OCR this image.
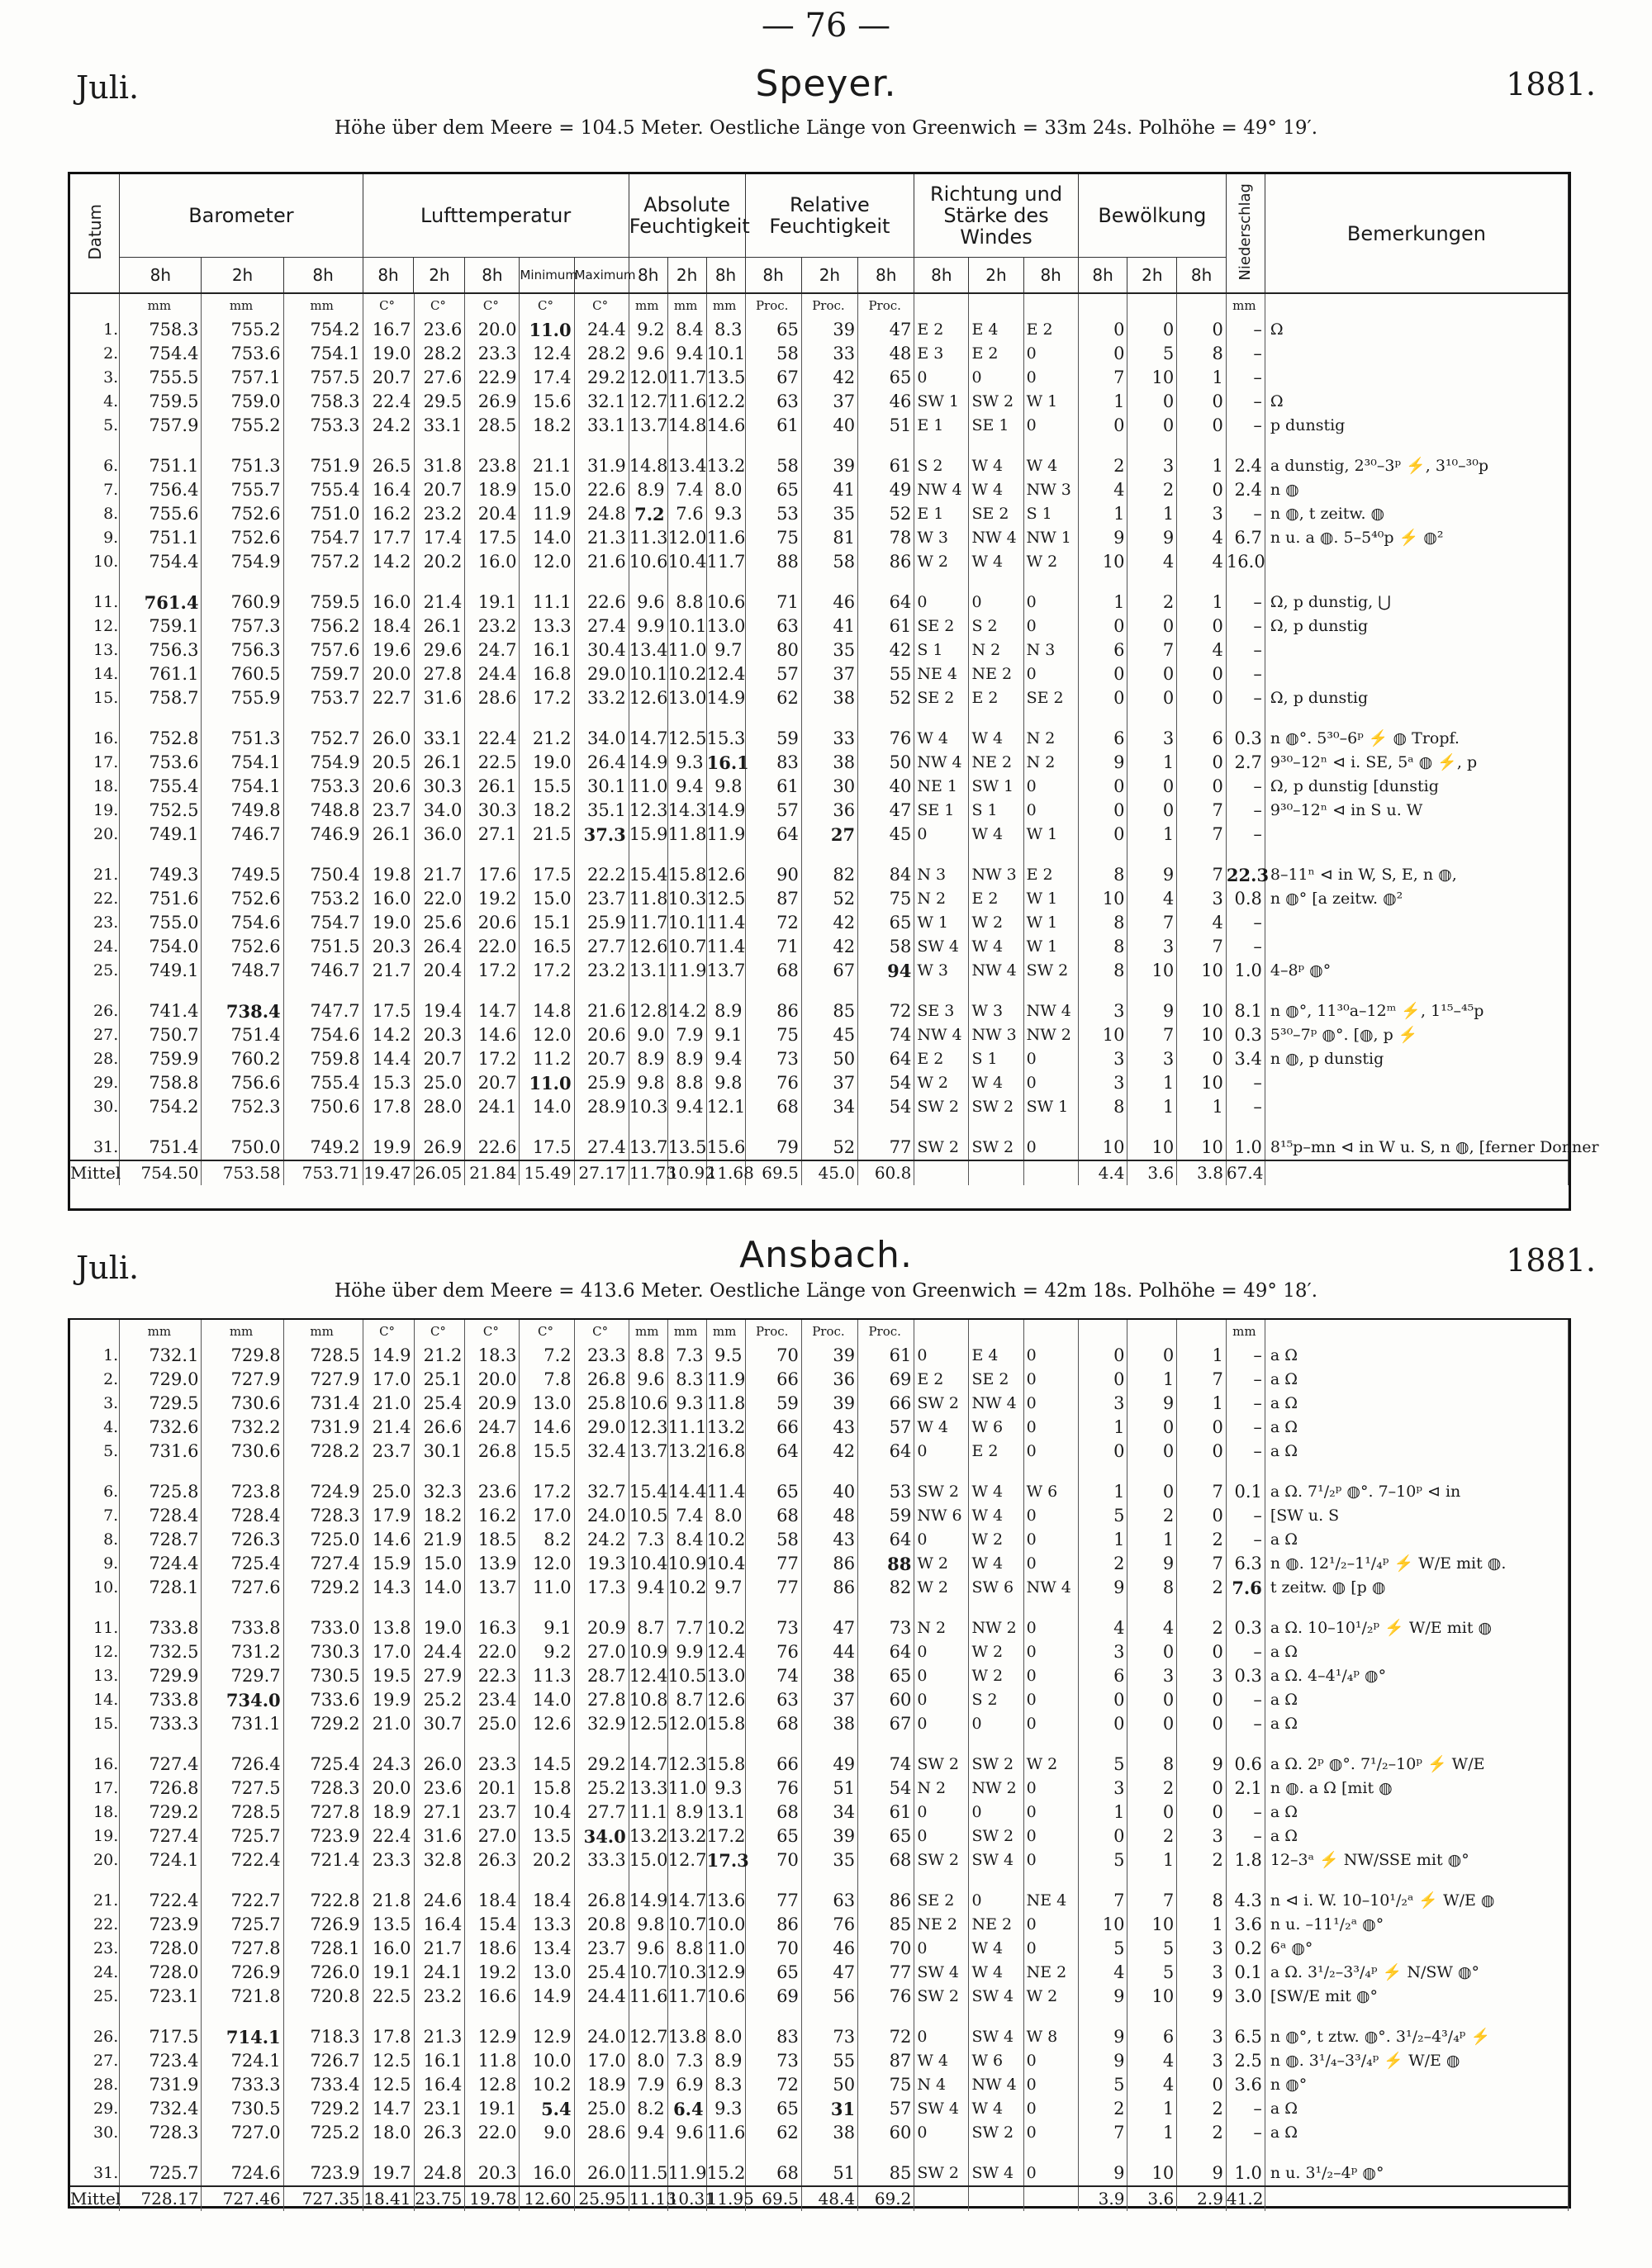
— 76 —
Juli.	Speyer.	1881.
Höhe über dem Meere = 104.5 Meter. Oestliche Länge von Greenwich = 33m 24s. Polhöhe = 49° 19′.
Datum	Barometer			Lufttemperatur					Absolute Feuchtigkeit			Relative Feuchtigkeit			Richtung und Stärke des Windes			Bewölkung			Niederschlag	Bemerkungen
	8h	2h	8h	8h	2h	8h	Minimum	Maximum	8h	2h	8h	8h	2h	8h	8h	2h	8h	8h	2h	8h		
	mm	mm	mm	C°	C°	C°	C°	C°	mm	mm	mm	Proc.	Proc.	Proc.							mm	
1.	758.3	755.2	754.2	16.7	23.6	20.0	11.0	24.4	9.2	8.4	8.3	65	39	47	E 2	E 4	E 2	0	0	0	–	Ω
2.	754.4	753.6	754.1	19.0	28.2	23.3	12.4	28.2	9.6	9.4	10.1	58	33	48	E 3	E 2	0	0	5	8	–	
3.	755.5	757.1	757.5	20.7	27.6	22.9	17.4	29.2	12.0	11.7	13.5	67	42	65	0	0	0	7	10	1	–	
4.	759.5	759.0	758.3	22.4	29.5	26.9	15.6	32.1	12.7	11.6	12.2	63	37	46	SW 1	SW 2	W 1	1	0	0	–	Ω
5.	757.9	755.2	753.3	24.2	33.1	28.5	18.2	33.1	13.7	14.8	14.6	61	40	51	E 1	SE 1	0	0	0	0	–	p dunstig

6.	751.1	751.3	751.9	26.5	31.8	23.8	21.1	31.9	14.8	13.4	13.2	58	39	61	S 2	W 4	W 4	2	3	1	2.4	a dunstig, 2³⁰–3ᵖ ⚡, 3¹⁰–³⁰p
7.	756.4	755.7	755.4	16.4	20.7	18.9	15.0	22.6	8.9	7.4	8.0	65	41	49	NW 4	W 4	NW 3	4	2	0	2.4	n ◍
8.	755.6	752.6	751.0	16.2	23.2	20.4	11.9	24.8	7.2	7.6	9.3	53	35	52	E 1	SE 2	S 1	1	1	3	–	n ◍, t zeitw. ◍
9.	751.1	752.6	754.7	17.7	17.4	17.5	14.0	21.3	11.3	12.0	11.6	75	81	78	W 3	NW 4	NW 1	9	9	4	6.7	n u. a ◍. 5–5⁴⁰p ⚡ ◍²
10.	754.4	754.9	757.2	14.2	20.2	16.0	12.0	21.6	10.6	10.4	11.7	88	58	86	W 2	W 4	W 2	10	4	4	16.0	

11.	761.4	760.9	759.5	16.0	21.4	19.1	11.1	22.6	9.6	8.8	10.6	71	46	64	0	0	0	1	2	1	–	Ω, p dunstig, ⋃
12.	759.1	757.3	756.2	18.4	26.1	23.2	13.3	27.4	9.9	10.1	13.0	63	41	61	SE 2	S 2	0	0	0	0	–	Ω, p dunstig
13.	756.3	756.3	757.6	19.6	29.6	24.7	16.1	30.4	13.4	11.0	9.7	80	35	42	S 1	N 2	N 3	6	7	4	–	
14.	761.1	760.5	759.7	20.0	27.8	24.4	16.8	29.0	10.1	10.2	12.4	57	37	55	NE 4	NE 2	0	0	0	0	–	
15.	758.7	755.9	753.7	22.7	31.6	28.6	17.2	33.2	12.6	13.0	14.9	62	38	52	SE 2	E 2	SE 2	0	0	0	–	Ω, p dunstig

16.	752.8	751.3	752.7	26.0	33.1	22.4	21.2	34.0	14.7	12.5	15.3	59	33	76	W 4	W 4	N 2	6	3	6	0.3	n ◍°. 5³⁰–6ᵖ ⚡ ◍ Tropf.
17.	753.6	754.1	754.9	20.5	26.1	22.5	19.0	26.4	14.9	9.3	16.1	83	38	50	NW 4	NE 2	N 2	9	1	0	2.7	9³⁰–12ⁿ ⊲ i. SE, 5ᵃ ◍ ⚡, p
18.	755.4	754.1	753.3	20.6	30.3	26.1	15.5	30.1	11.0	9.4	9.8	61	30	40	NE 1	SW 1	0	0	0	0	–	Ω, p dunstig [dunstig
19.	752.5	749.8	748.8	23.7	34.0	30.3	18.2	35.1	12.3	14.3	14.9	57	36	47	SE 1	S 1	0	0	0	7	–	9³⁰–12ⁿ ⊲ in S u. W
20.	749.1	746.7	746.9	26.1	36.0	27.1	21.5	37.3	15.9	11.8	11.9	64	27	45	0	W 4	W 1	0	1	7	–	

21.	749.3	749.5	750.4	19.8	21.7	17.6	17.5	22.2	15.4	15.8	12.6	90	82	84	N 3	NW 3	E 2	8	9	7	22.3	8–11ⁿ ⊲ in W, S, E, n ◍,
22.	751.6	752.6	753.2	16.0	22.0	19.2	15.0	23.7	11.8	10.3	12.5	87	52	75	N 2	E 2	W 1	10	4	3	0.8	n ◍° [a zeitw. ◍²
23.	755.0	754.6	754.7	19.0	25.6	20.6	15.1	25.9	11.7	10.1	11.4	72	42	65	W 1	W 2	W 1	8	7	4	–	
24.	754.0	752.6	751.5	20.3	26.4	22.0	16.5	27.7	12.6	10.7	11.4	71	42	58	SW 4	W 4	W 1	8	3	7	–	
25.	749.1	748.7	746.7	21.7	20.4	17.2	17.2	23.2	13.1	11.9	13.7	68	67	94	W 3	NW 4	SW 2	8	10	10	1.0	4–8ᵖ ◍°

26.	741.4	738.4	747.7	17.5	19.4	14.7	14.8	21.6	12.8	14.2	8.9	86	85	72	SE 3	W 3	NW 4	3	9	10	8.1	n ◍°, 11³⁰a–12ᵐ ⚡, 1¹⁵–⁴⁵p
27.	750.7	751.4	754.6	14.2	20.3	14.6	12.0	20.6	9.0	7.9	9.1	75	45	74	NW 4	NW 3	NW 2	10	7	10	0.3	5³⁰–7ᵖ ◍°. [◍, p ⚡
28.	759.9	760.2	759.8	14.4	20.7	17.2	11.2	20.7	8.9	8.9	9.4	73	50	64	E 2	S 1	0	3	3	0	3.4	n ◍, p dunstig
29.	758.8	756.6	755.4	15.3	25.0	20.7	11.0	25.9	9.8	8.8	9.8	76	37	54	W 2	W 4	0	3	1	10	–	
30.	754.2	752.3	750.6	17.8	28.0	24.1	14.0	28.9	10.3	9.4	12.1	68	34	54	SW 2	SW 2	SW 1	8	1	1	–	

31.	751.4	750.0	749.2	19.9	26.9	22.6	17.5	27.4	13.7	13.5	15.6	79	52	77	SW 2	SW 2	0	10	10	10	1.0	8¹⁵p–mn ⊲ in W u. S, n ◍, [ferner Donner
Mittel	754.50	753.58	753.71	19.47	26.05	21.84	15.49	27.17	11.73	10.92	11.68	69.5	45.0	60.8				4.4	3.6	3.8	67.4	
Juli.	Ansbach.	1881.
Höhe über dem Meere = 413.6 Meter. Oestliche Länge von Greenwich = 42m 18s. Polhöhe = 49° 18′.
	mm	mm	mm	C°	C°	C°	C°	C°	mm	mm	mm	Proc.	Proc.	Proc.							mm	
1.	732.1	729.8	728.5	14.9	21.2	18.3	7.2	23.3	8.8	7.3	9.5	70	39	61	0	E 4	0	0	0	1	–	a Ω
2.	729.0	727.9	727.9	17.0	25.1	20.0	7.8	26.8	9.6	8.3	11.9	66	36	69	E 2	SE 2	0	0	1	7	–	a Ω
3.	729.5	730.6	731.4	21.0	25.4	20.9	13.0	25.8	10.6	9.3	11.8	59	39	66	SW 2	NW 4	0	3	9	1	–	a Ω
4.	732.6	732.2	731.9	21.4	26.6	24.7	14.6	29.0	12.3	11.1	13.2	66	43	57	W 4	W 6	0	1	0	0	–	a Ω
5.	731.6	730.6	728.2	23.7	30.1	26.8	15.5	32.4	13.7	13.2	16.8	64	42	64	0	E 2	0	0	0	0	–	a Ω

6.	725.8	723.8	724.9	25.0	32.3	23.6	17.2	32.7	15.4	14.4	11.4	65	40	53	SW 2	W 4	W 6	1	0	7	0.1	a Ω. 7¹/₂ᵖ ◍°. 7–10ᵖ ⊲ in
7.	728.4	728.4	728.3	17.9	18.2	16.2	17.0	24.0	10.5	7.4	8.0	68	48	59	NW 6	W 4	0	5	2	0	–	[SW u. S
8.	728.7	726.3	725.0	14.6	21.9	18.5	8.2	24.2	7.3	8.4	10.2	58	43	64	0	W 2	0	1	1	2	–	a Ω
9.	724.4	725.4	727.4	15.9	15.0	13.9	12.0	19.3	10.4	10.9	10.4	77	86	88	W 2	W 4	0	2	9	7	6.3	n ◍. 12¹/₂–1¹/₄ᵖ ⚡ W/E mit ◍.
10.	728.1	727.6	729.2	14.3	14.0	13.7	11.0	17.3	9.4	10.2	9.7	77	86	82	W 2	SW 6	NW 4	9	8	2	7.6	t zeitw. ◍ [p ◍

11.	733.8	733.8	733.0	13.8	19.0	16.3	9.1	20.9	8.7	7.7	10.2	73	47	73	N 2	NW 2	0	4	4	2	0.3	a Ω. 10–10¹/₂ᵖ ⚡ W/E mit ◍
12.	732.5	731.2	730.3	17.0	24.4	22.0	9.2	27.0	10.9	9.9	12.4	76	44	64	0	W 2	0	3	0	0	–	a Ω
13.	729.9	729.7	730.5	19.5	27.9	22.3	11.3	28.7	12.4	10.5	13.0	74	38	65	0	W 2	0	6	3	3	0.3	a Ω. 4–4¹/₄ᵖ ◍°
14.	733.8	734.0	733.6	19.9	25.2	23.4	14.0	27.8	10.8	8.7	12.6	63	37	60	0	S 2	0	0	0	0	–	a Ω
15.	733.3	731.1	729.2	21.0	30.7	25.0	12.6	32.9	12.5	12.0	15.8	68	38	67	0	0	0	0	0	0	–	a Ω

16.	727.4	726.4	725.4	24.3	26.0	23.3	14.5	29.2	14.7	12.3	15.8	66	49	74	SW 2	SW 2	W 2	5	8	9	0.6	a Ω. 2ᵖ ◍°. 7¹/₂–10ᵖ ⚡ W/E
17.	726.8	727.5	728.3	20.0	23.6	20.1	15.8	25.2	13.3	11.0	9.3	76	51	54	N 2	NW 2	0	3	2	0	2.1	n ◍. a Ω [mit ◍
18.	729.2	728.5	727.8	18.9	27.1	23.7	10.4	27.7	11.1	8.9	13.1	68	34	61	0	0	0	1	0	0	–	a Ω
19.	727.4	725.7	723.9	22.4	31.6	27.0	13.5	34.0	13.2	13.2	17.2	65	39	65	0	SW 2	0	0	2	3	–	a Ω
20.	724.1	722.4	721.4	23.3	32.8	26.3	20.2	33.3	15.0	12.7	17.3	70	35	68	SW 2	SW 4	0	5	1	2	1.8	12–3ᵃ ⚡ NW/SSE mit ◍°

21.	722.4	722.7	722.8	21.8	24.6	18.4	18.4	26.8	14.9	14.7	13.6	77	63	86	SE 2	0	NE 4	7	7	8	4.3	n ⊲ i. W. 10–10¹/₂ᵃ ⚡ W/E ◍
22.	723.9	725.7	726.9	13.5	16.4	15.4	13.3	20.8	9.8	10.7	10.0	86	76	85	NE 2	NE 2	0	10	10	1	3.6	n u. –11¹/₂ᵃ ◍°
23.	728.0	727.8	728.1	16.0	21.7	18.6	13.4	23.7	9.6	8.8	11.0	70	46	70	0	W 4	0	5	5	3	0.2	6ᵃ ◍°
24.	728.0	726.9	726.0	19.1	24.1	19.2	13.0	25.4	10.7	10.3	12.9	65	47	77	SW 4	W 4	NE 2	4	5	3	0.1	a Ω. 3¹/₂–3³/₄ᵖ ⚡ N/SW ◍°
25.	723.1	721.8	720.8	22.5	23.2	16.6	14.9	24.4	11.6	11.7	10.6	69	56	76	SW 2	SW 4	W 2	9	10	9	3.0	[SW/E mit ◍°

26.	717.5	714.1	718.3	17.8	21.3	12.9	12.9	24.0	12.7	13.8	8.0	83	73	72	0	SW 4	W 8	9	6	3	6.5	n ◍°, t ztw. ◍°. 3¹/₂–4³/₄ᵖ ⚡
27.	723.4	724.1	726.7	12.5	16.1	11.8	10.0	17.0	8.0	7.3	8.9	73	55	87	W 4	W 6	0	9	4	3	2.5	n ◍. 3¹/₄–3³/₄ᵖ ⚡ W/E ◍
28.	731.9	733.3	733.4	12.5	16.4	12.8	10.2	18.9	7.9	6.9	8.3	72	50	75	N 4	NW 4	0	5	4	0	3.6	n ◍°
29.	732.4	730.5	729.2	14.7	23.1	19.1	5.4	25.0	8.2	6.4	9.3	65	31	57	SW 4	W 4	0	2	1	2	–	a Ω
30.	728.3	727.0	725.2	18.0	26.3	22.0	9.0	28.6	9.4	9.6	11.6	62	38	60	0	SW 2	0	7	1	2	–	a Ω

31.	725.7	724.6	723.9	19.7	24.8	20.3	16.0	26.0	11.5	11.9	15.2	68	51	85	SW 2	SW 4	0	9	10	9	1.0	n u. 3¹/₂–4ᵖ ◍°
Mittel	728.17	727.46	727.35	18.41	23.75	19.78	12.60	25.95	11.13	10.31	11.95	69.5	48.4	69.2				3.9	3.6	2.9	41.2	
